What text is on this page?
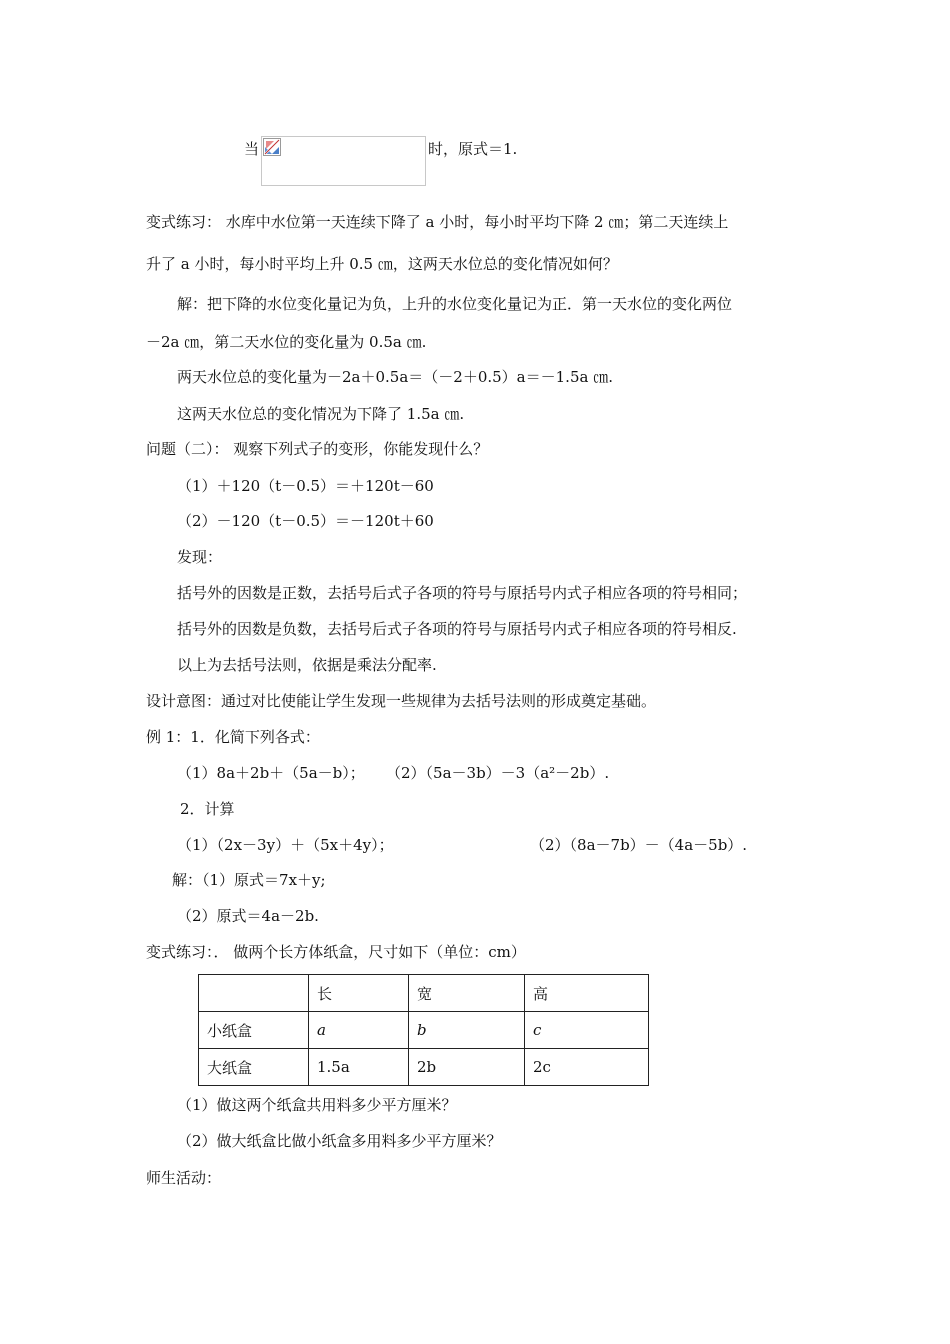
当	时，原式＝1.
变式练习： 水库中水位第一天连续下降了 a 小时，每小时平均下降 2 ㎝；第二天连续上
升了 a 小时，每小时平均上升 0.5 ㎝，这两天水位总的变化情况如何？
解：把下降的水位变化量记为负，上升的水位变化量记为正．第一天水位的变化两位
－2a ㎝，第二天水位的变化量为 0.5a ㎝.
两天水位总的变化量为－2a＋0.5a＝（－2＋0.5）a＝－1.5a ㎝.
这两天水位总的变化情况为下降了 1.5a ㎝.
问题（二）： 观察下列式子的变形，你能发现什么？
（1）＋120（t－0.5）＝＋120t－60
（2）－120（t－0.5）＝－120t＋60
发现：
括号外的因数是正数，去括号后式子各项的符号与原括号内式子相应各项的符号相同；
括号外的因数是负数，去括号后式子各项的符号与原括号内式子相应各项的符号相反.
以上为去括号法则，依据是乘法分配率.
设计意图：通过对比使能让学生发现一些规律为去括号法则的形成奠定基础。
例 1：1．化简下列各式：
（1）8a＋2b＋（5a－b）； （2）（5a－3b）－3（a²－2b）.
2．计算
（1）（2x－3y）＋（5x＋4y）；	（2）（8a－7b）－（4a－5b）.
解：（1）原式＝7x＋y;
（2）原式＝4a－2b.
变式练习：． 做两个长方体纸盒，尺寸如下（单位：cm）
	长	宽	高
小纸盒	a	b	c
大纸盒	1.5a	2b	2c
（1）做这两个纸盒共用料多少平方厘米？
（2）做大纸盒比做小纸盒多用料多少平方厘米？
师生活动：
